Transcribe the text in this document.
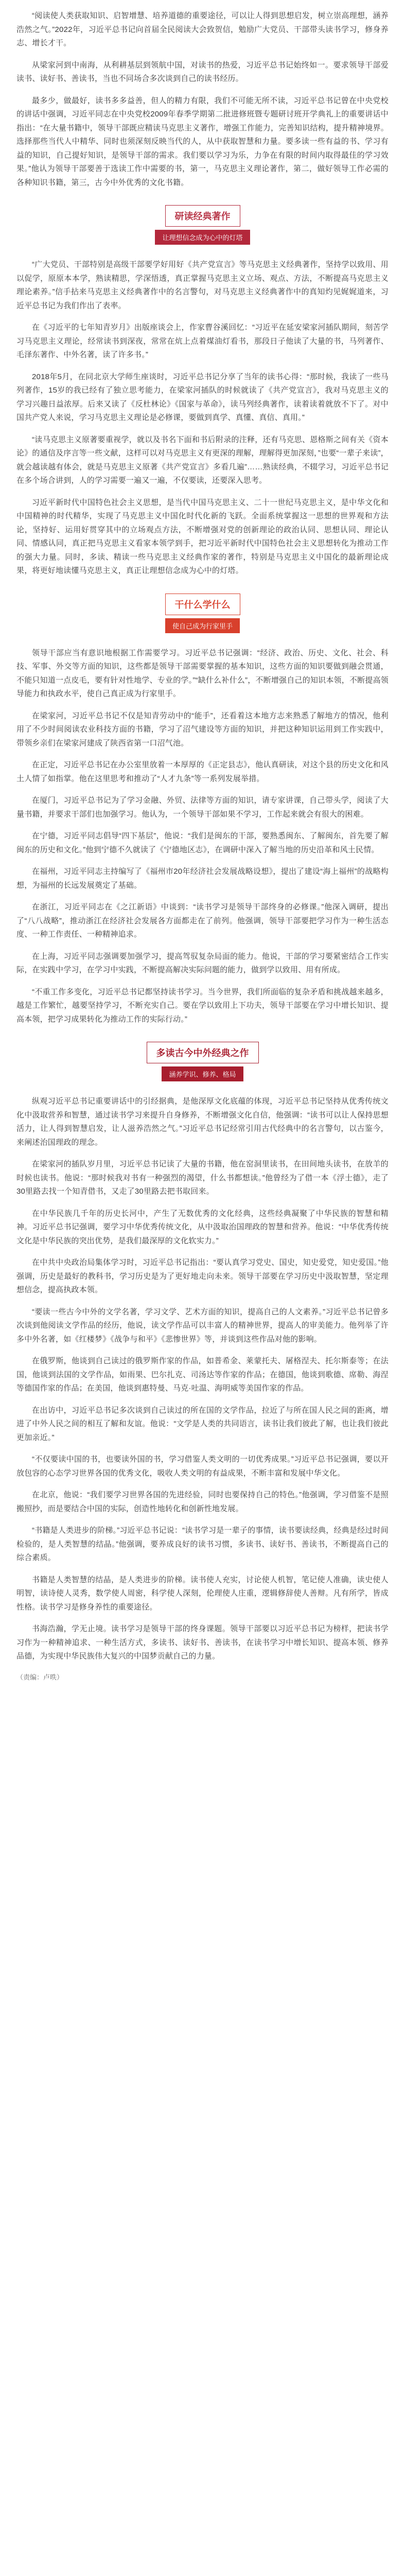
“阅读使人类获取知识、启智增慧、培养道德的重要途径，可以让人得到思想启发，树立崇高理想，涵养浩然之气。”2022年，习近平总书记向首届全民阅读大会致贺信，勉励广大党员、干部带头读书学习，修身养志、增长才干。

从梁家河到中南海，从利耕基层到领航中国，对读书的热爱，习近平总书记始终如一。要求领导干部爱读书、读好书、善读书，当也不同场合多次谈到自己的读书经历。

最多少，做最好，读书多多益善，但人的精力有限，我们不可能无所不读，习近平总书记曾在中央党校的讲话中强调，习近平同志在中央党校2009年春季学期第二批进修班暨专题研讨班开学典礼上的重要讲话中指出：“在大量书籍中，领导干部既应精读马克思主义著作，增强工作能力，完善知识结构，提升精神境界。选择那些当代人中精华、同时也须深刻反映当代的人，从中获取智慧和力量。要多读一些有益的书、学习有益的知识，自己提好知识，是领导干部的需求。我们要以学习为乐，力争在有限的时间内取得最佳的学习效果。”他认为领导干部要善于选读工作中需要的书，第一，马克思主义理论著作，第二，做好领导工作必需的各种知识书籍，第三，古今中外优秀的文化书籍。

研读经典著作
让理想信念成为心中的灯塔

“广大党员、干部特别是高级干部要学好用好《共产党宣言》等马克思主义经典著作，坚持学以致用、用以促学，原原本本学，熟读精思，学深悟透，真正掌握马克思主义立场、观点、方法，不断提高马克思主义理论素养。”信手拈来马克思主义经典著作中的名言警句，对马克思主义经典著作中的真知灼见娓娓道来，习近平总书记为我们作出了表率。

在《习近平的七年知青岁月》出版座谈会上，作家曹谷溪回忆：“习近平在延安梁家河插队期间，刻苦学习马克思主义理论，经常读书到深夜，常常在炕上点着煤油灯看书，那段日子他读了大量的书，马列著作、毛泽东著作、中外名著，读了许多书。”

2018年5月，在同北京大学师生座谈时，习近平总书记分享了当年的读书心得：“那时候，我读了一些马列著作，15岁的我已经有了独立思考能力，在梁家河插队的时候就读了《共产党宣言》，我对马克思主义的学习兴趣日益浓厚。后来又读了《反杜林论》《国家与革命》，读马列经典著作，读着读着就放不下了。对中国共产党人来说，学习马克思主义理论是必修课，要做到真学、真懂、真信、真用。”

“读马克思主义原著要重视学，就以及书名下面和书后附录的注释，还有马克思、恩格斯之间有关《资本论》的通信及序言等一些文献，这样可以对马克思主义有更深的理解，理解得更加深刻，”也要“一辈子来读”，就会越读越有体会，就是马克思主义原著《共产党宣言》多看几遍”……熟读经典，不辍学习，习近平总书记在多个场合讲到，人的学习需要一遍又一遍，不仅要读，还要深入思考。

习近平新时代中国特色社会主义思想，是当代中国马克思主义、二十一世纪马克思主义，是中华文化和中国精神的时代精华，实现了马克思主义中国化时代化新的飞跃。全面系统掌握这一思想的世界观和方法论，坚持好、运用好贯穿其中的立场观点方法，不断增强对党的创新理论的政治认同、思想认同、理论认同、情感认同，真正把马克思主义看家本领学到手，把习近平新时代中国特色社会主义思想转化为推动工作的强大力量。同时，多读、精读一些马克思主义经典作家的著作，特别是马克思主义中国化的最新理论成果，将更好地读懂马克思主义，真正让理想信念成为心中的灯塔。

干什么学什么
使自己成为行家里手

领导干部应当有意识地根据工作需要学习。习近平总书记强调：“经济、政治、历史、文化、社会、科技、军事、外交等方面的知识，这些都是领导干部需要掌握的基本知识，这些方面的知识要做到融会贯通，不能只知道一点皮毛，要有针对性地学、专业的学。”“缺什么补什么”，不断增强自己的知识本领，不断提高领导能力和执政水平，使自己真正成为行家里手。

在梁家河，习近平总书记不仅是知青劳动中的“能手”，还看着这本地方志来熟悉了解地方的情况，他利用了不少时间阅读农业科技方面的书籍，学习了沼气建设等方面的知识，并把这种知识运用到工作实践中，带领乡亲们在梁家河建成了陕西省第一口沼气池。

在正定，习近平总书记在办公室里放着一本厚厚的《正定县志》，他认真研读，对这个县的历史文化和风土人情了如指掌。他在这里思考和推动了“人才九条”等一系列发展举措。

在厦门，习近平总书记为了学习金融、外贸、法律等方面的知识，请专家讲课，自己带头学，阅读了大量书籍，并要求干部们也加强学习。他认为，一个领导干部如果不学习，工作起来就会有很大的困难。

在宁德，习近平同志倡导“四下基层”，他说：“我们是闽东的干部，要熟悉闽东、了解闽东，首先要了解闽东的历史和文化。”他到宁德不久就读了《宁德地区志》，在调研中深入了解当地的历史沿革和风土民情。

在福州，习近平同志主持编写了《福州市20年经济社会发展战略设想》，提出了建设“海上福州”的战略构想，为福州的长远发展奠定了基础。

在浙江，习近平同志在《之江新语》中谈到：“读书学习是领导干部终身的必修课。”他深入调研，提出了“八八战略”，推动浙江在经济社会发展各方面都走在了前列。他强调，领导干部要把学习作为一种生活态度、一种工作责任、一种精神追求。

在上海，习近平同志强调要加强学习，提高驾驭复杂局面的能力。他说，干部的学习要紧密结合工作实际，在实践中学习，在学习中实践，不断提高解决实际问题的能力，做到学以致用、用有所成。

“不重工作多变化，习近平总书记都坚持读书学习。当今世界，我们所面临的复杂矛盾和挑战越来越多，越是工作繁忙，越要坚持学习，不断充实自己。要在学以致用上下功夫，领导干部要在学习中增长知识、提高本领，把学习成果转化为推动工作的实际行动。”

多读古今中外经典之作
涵养学识、修养、格局

纵观习近平总书记重要讲话中的引经据典，是他深厚文化底蕴的体现，习近平总书记坚持从优秀传统文化中汲取营养和智慧，通过读书学习来提升自身修养，不断增强文化自信，他强调：“读书可以让人保持思想活力，让人得到智慧启发，让人滋养浩然之气。”习近平总书记经常引用古代经典中的名言警句，以古鉴今，来阐述治国理政的理念。

在梁家河的插队岁月里，习近平总书记读了大量的书籍，他在窑洞里读书，在田间地头读书，在放羊的时候也读书。他说：“那时候我对书有一种强烈的渴望，什么书都想读。”他曾经为了借一本《浮士德》，走了30里路去找一个知青借书，又走了30里路去把书取回来。

在中华民族几千年的历史长河中，产生了无数优秀的文化经典，这些经典凝聚了中华民族的智慧和精神。习近平总书记强调，要学习中华优秀传统文化，从中汲取治国理政的智慧和营养。他说：“中华优秀传统文化是中华民族的突出优势，是我们最深厚的文化软实力。”

在中共中央政治局集体学习时，习近平总书记指出：“要认真学习党史、国史，知史爱党，知史爱国。”他强调，历史是最好的教科书，学习历史是为了更好地走向未来。领导干部要在学习历史中汲取智慧，坚定理想信念，提高执政本领。

“要读一些古今中外的文学名著，学习文学、艺术方面的知识，提高自己的人文素养。”习近平总书记曾多次谈到他阅读文学作品的经历，他说，读文学作品可以丰富人的精神世界，提高人的审美能力。他列举了许多中外名著，如《红楼梦》《战争与和平》《悲惨世界》等，并谈到这些作品对他的影响。

在俄罗斯，他谈到自己读过的俄罗斯作家的作品，如普希金、莱蒙托夫、屠格涅夫、托尔斯泰等；在法国，他谈到法国的文学作品，如雨果、巴尔扎克、司汤达等作家的作品；在德国，他谈到歌德、席勒、海涅等德国作家的作品；在美国，他谈到惠特曼、马克·吐温、海明威等美国作家的作品。

在出访中，习近平总书记多次谈到自己读过的所在国的文学作品，拉近了与所在国人民之间的距离，增进了中外人民之间的相互了解和友谊。他说：“文学是人类的共同语言，读书让我们彼此了解，也让我们彼此更加亲近。”

“不仅要读中国的书，也要读外国的书，学习借鉴人类文明的一切优秀成果。”习近平总书记强调，要以开放包容的心态学习世界各国的优秀文化，吸收人类文明的有益成果，不断丰富和发展中华文化。

在北京，他说：“我们要学习世界各国的先进经验，同时也要保持自己的特色。”他强调，学习借鉴不是照搬照抄，而是要结合中国的实际，创造性地转化和创新性地发展。

“书籍是人类进步的阶梯。”习近平总书记说：“读书学习是一辈子的事情，读书要读经典，经典是经过时间检验的，是人类智慧的结晶。”他强调，要养成良好的读书习惯，多读书、读好书、善读书，不断提高自己的综合素质。

书籍是人类智慧的结晶，是人类进步的阶梯。读书使人充实，讨论使人机智，笔记使人准确，读史使人明智，读诗使人灵秀，数学使人周密，科学使人深刻，伦理使人庄重，逻辑修辞使人善辩。凡有所学，皆成性格。读书学习是修身养性的重要途径。

书海浩瀚，学无止境。读书学习是领导干部的终身课题。领导干部要以习近平总书记为榜样，把读书学习作为一种精神追求、一种生活方式，多读书、读好书、善读书，在读书学习中增长知识、提高本领、修养品德，为实现中华民族伟大复兴的中国梦贡献自己的力量。

（责编：卢昳）
